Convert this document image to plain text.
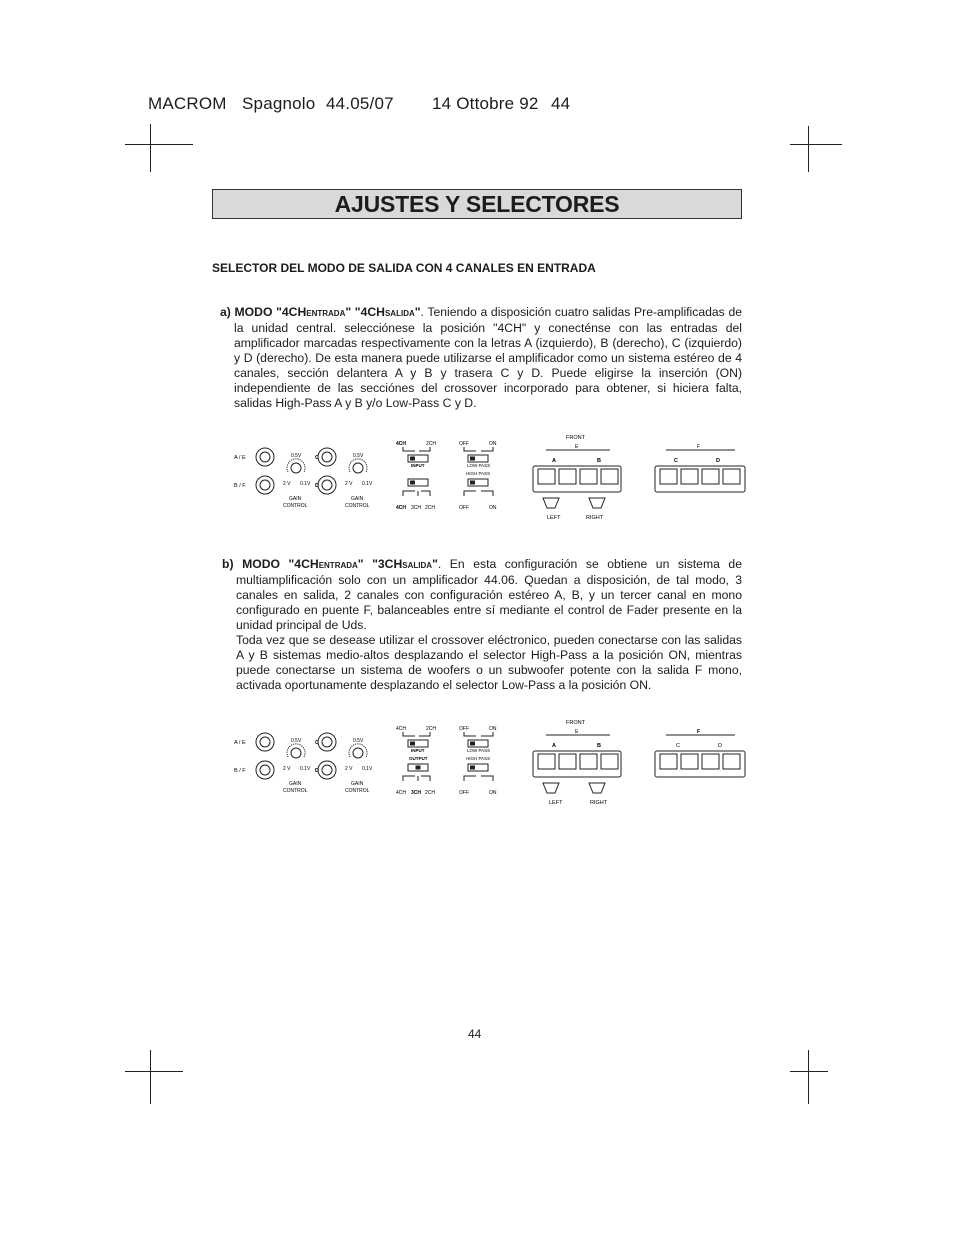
MACROM Spagnolo 44.05/07 14 Ottobre 92 44
AJUSTES Y SELECTORES
SELECTOR DEL MODO DE SALIDA CON 4 CANALES EN ENTRADA
a) MODO "4CHENTRADA" "4CHSALIDA". Teniendo a disposición cuatro salidas Pre-amplificadas de la unidad central. selecciónese la posición "4CH" y conecténse con las entradas del amplificador marcadas respectivamente con la letras A (izquierdo), B (derecho), C (izquierdo) y D (derecho). De esta manera puede utilizarse el amplificador como un sistema estéreo de 4 canales, sección delantera A y B y trasera C y D. Puede eligirse la inserción (ON) independiente de las secciónes del crossover incorporado para obtener, si hiciera falta, salidas High-Pass A y B y/o Low-Pass C y D.
b) MODO "4CHENTRADA" "3CHSALIDA". En esta configuración se obtiene un sistema de multiamplificación solo con un amplificador 44.06. Quedan a disposición, de tal modo, 3 canales en salida, 2 canales con configuración estéreo A, B, y un tercer canal en mono configurado en puente F, balanceables entre sí mediante el control de Fader presente en la unidad principal de Uds.
Toda vez que se desease utilizar el crossover eléctronico, pueden conectarse con las salidas A y B sistemas medio-altos desplazando el selector High-Pass a la posición ON, mientras puede conectarse un sistema de woofers o un subwoofer potente con la salida F mono, activada oportunamente desplazando el selector Low-Pass a la posición ON.
A / E
B / F
0.5V
2 V 0.1V
C
D
0.5V
2 V 0.1V
GAIN
CONTROL
GAIN
CONTROL
4CH	2CH
INPUT
4CH 3CH 2CH
OFF	ON
LOW PASS
HIGH PASS
OFF	ON
FRONT
E
A	B
LEFT	RIGHT
F
C	D
A / E
B / F
0.5V
2 V 0.1V
C
D
0.5V
2 V 0.1V
GAIN
CONTROL
GAIN
CONTROL
4CH	2CH
INPUT
OUTPUT
4CH 3CH 2CH
OFF	ON
LOW PASS
HIGH PASS
OFF	ON
FRONT
E
A	B
LEFT	RIGHT
F
C	D
44
